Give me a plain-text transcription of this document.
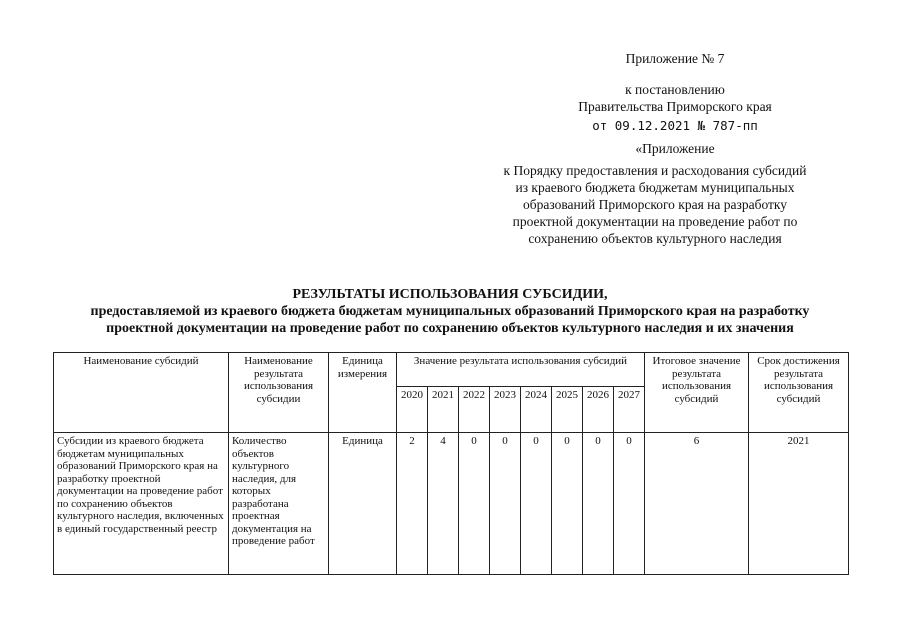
Приложение № 7
к постановлению
Правительства Приморского края
от 09.12.2021 № 787-пп
«Приложение
к Порядку предоставления и расходования субсидий
из краевого бюджета бюджетам муниципальных
образований Приморского края на разработку
проектной документации на проведение работ по
сохранению объектов культурного наследия
РЕЗУЛЬТАТЫ ИСПОЛЬЗОВАНИЯ СУБСИДИИ,
предоставляемой из краевого бюджета бюджетам муниципальных образований Приморского края на разработку
проектной документации на проведение работ по сохранению объектов культурного наследия и их значения
Наименование субсидий	Наименование результата использования субсидии	Единица измерения	Значение результата использования субсидий								Итоговое значение результата использования субсидий	Срок достижения результата использования субсидий
			2020	2021	2022	2023	2024	2025	2026	2027		
Субсидии из краевого бюджета бюджетам муниципальных образований Приморского края на разработку проектной документации на проведение работ по сохранению объектов культурного наследия, включенных в единый государственный реестр	Количество объектов культурного наследия, для которых разработана проектная документация на проведение работ	Единица	2	4	0	0	0	0	0	0	6	2021
